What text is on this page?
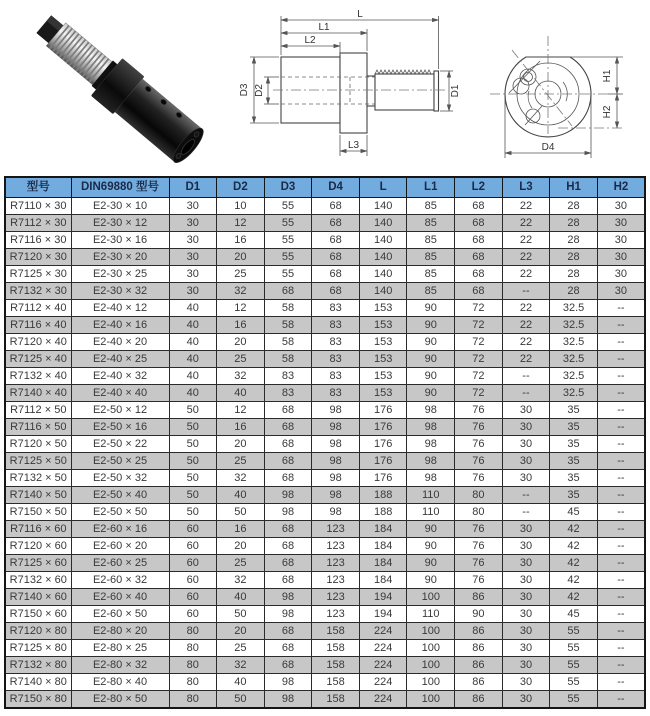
L
L1
L2
D3 D2	D1
L3	D4
H1
H2
型号	DIN69880 型号	D1	D2	D3	D4	L	L1	L2	L3	H1	H2
R7110 × 30	E2-30 × 10	30	10	55	68	140	85	68	22	28	30
R7112 × 30	E2-30 × 12	30	12	55	68	140	85	68	22	28	30
R7116 × 30	E2-30 × 16	30	16	55	68	140	85	68	22	28	30
R7120 × 30	E2-30 × 20	30	20	55	68	140	85	68	22	28	30
R7125 × 30	E2-30 × 25	30	25	55	68	140	85	68	22	28	30
R7132 × 30	E2-30 × 32	30	32	68	68	140	85	68	--	28	30
R7112 × 40	E2-40 × 12	40	12	58	83	153	90	72	22	32.5	--
R7116 × 40	E2-40 × 16	40	16	58	83	153	90	72	22	32.5	--
R7120 × 40	E2-40 × 20	40	20	58	83	153	90	72	22	32.5	--
R7125 × 40	E2-40 × 25	40	25	58	83	153	90	72	22	32.5	--
R7132 × 40	E2-40 × 32	40	32	83	83	153	90	72	--	32.5	--
R7140 × 40	E2-40 × 40	40	40	83	83	153	90	72	--	32.5	--
R7112 × 50	E2-50 × 12	50	12	68	98	176	98	76	30	35	--
R7116 × 50	E2-50 × 16	50	16	68	98	176	98	76	30	35	--
R7120 × 50	E2-50 × 22	50	20	68	98	176	98	76	30	35	--
R7125 × 50	E2-50 × 25	50	25	68	98	176	98	76	30	35	--
R7132 × 50	E2-50 × 32	50	32	68	98	176	98	76	30	35	--
R7140 × 50	E2-50 × 40	50	40	98	98	188	110	80	--	35	--
R7150 × 50	E2-50 × 50	50	50	98	98	188	110	80	--	45	--
R7116 × 60	E2-60 × 16	60	16	68	123	184	90	76	30	42	--
R7120 × 60	E2-60 × 20	60	20	68	123	184	90	76	30	42	--
R7125 × 60	E2-60 × 25	60	25	68	123	184	90	76	30	42	--
R7132 × 60	E2-60 × 32	60	32	68	123	184	90	76	30	42	--
R7140 × 60	E2-60 × 40	60	40	98	123	194	100	86	30	42	--
R7150 × 60	E2-60 × 50	60	50	98	123	194	110	90	30	45	--
R7120 × 80	E2-80 × 20	80	20	68	158	224	100	86	30	55	--
R7125 × 80	E2-80 × 25	80	25	68	158	224	100	86	30	55	--
R7132 × 80	E2-80 × 32	80	32	68	158	224	100	86	30	55	--
R7140 × 80	E2-80 × 40	80	40	98	158	224	100	86	30	55	--
R7150 × 80	E2-80 × 50	80	50	98	158	224	100	86	30	55	--
